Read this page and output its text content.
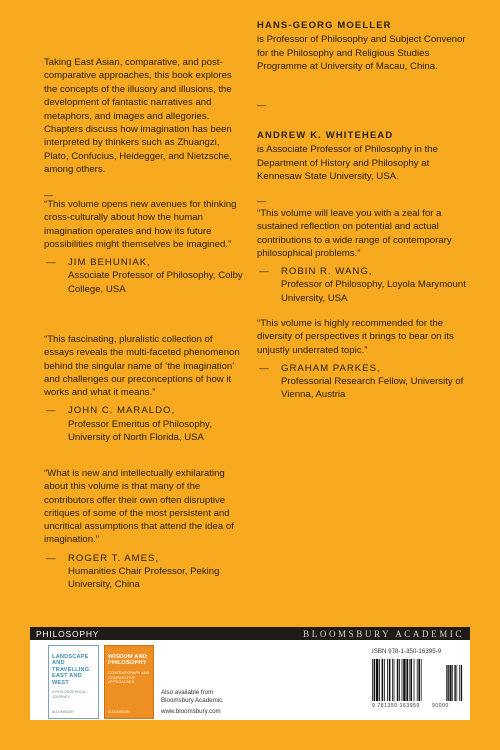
Taking East Asian, comparative, and post-comparative approaches, this book explores the concepts of the illusory and illusions, the development of fantastic narratives and metaphors, and images and allegories. Chapters discuss how imagination has been interpreted by thinkers such as Zhuangzi, Plato, Confucius, Heidegger, and Nietzsche, among others.
—
HANS-GEORG MOELLER
is Professor of Philosophy and Subject Convenor for the Philosophy and Religious Studies Programme at University of Macau, China.
—
ANDREW K. WHITEHEAD
is Associate Professor of Philosophy in the Department of History and Philosophy at Kennesaw State University, USA.
“This volume opens new avenues for thinking cross-culturally about how the human imagination operates and how its future possibilities might themselves be imagined.”
—	JIM BEHUNIAK,
Associate Professor of Philosophy, Colby College, USA
“This fascinating, pluralistic collection of essays reveals the multi-faceted phenomenon behind the singular name of ‘the imagination’ and challenges our preconceptions of how it works and what it means.”
—	JOHN C. MARALDO,
Professor Emeritus of Philosophy, University of North Florida, USA
“What is new and intellectually exhilarating about this volume is that many of the contributors offer their own often disruptive critiques of some of the most persistent and uncritical assumptions that attend the idea of imagination.”
—	ROGER T. AMES,
Humanities Chair Professor, Peking University, China
—
“This volume will leave you with a zeal for a sustained reflection on potential and actual contributions to a wide range of contemporary philosophical problems.”
—	ROBIN R. WANG,
Professor of Philosophy, Loyola Marymount University, USA
“This volume is highly recommended for the diversity of perspectives it brings to bear on its unjustly underrated topic.”
—	GRAHAM PARKES,
Professorial Research Fellow, University of Vienna, Austria
PHILOSOPHY	BLOOMSBURY ACADEMIC
LANDSCAPE AND TRAVELLING EAST AND WEST
A PHILOSOPHICAL JOURNEY
BLOOMSBURY
WISDOM AND PHILOSOPHY
CONTEMPORARY AND COMPARATIVE APPROACHES
BLOOMSBURY
Also available from
Bloomsbury Academic
www.bloomsbury.com
ISBN 978-1-350-16395-9
9 781350 163959 90000
